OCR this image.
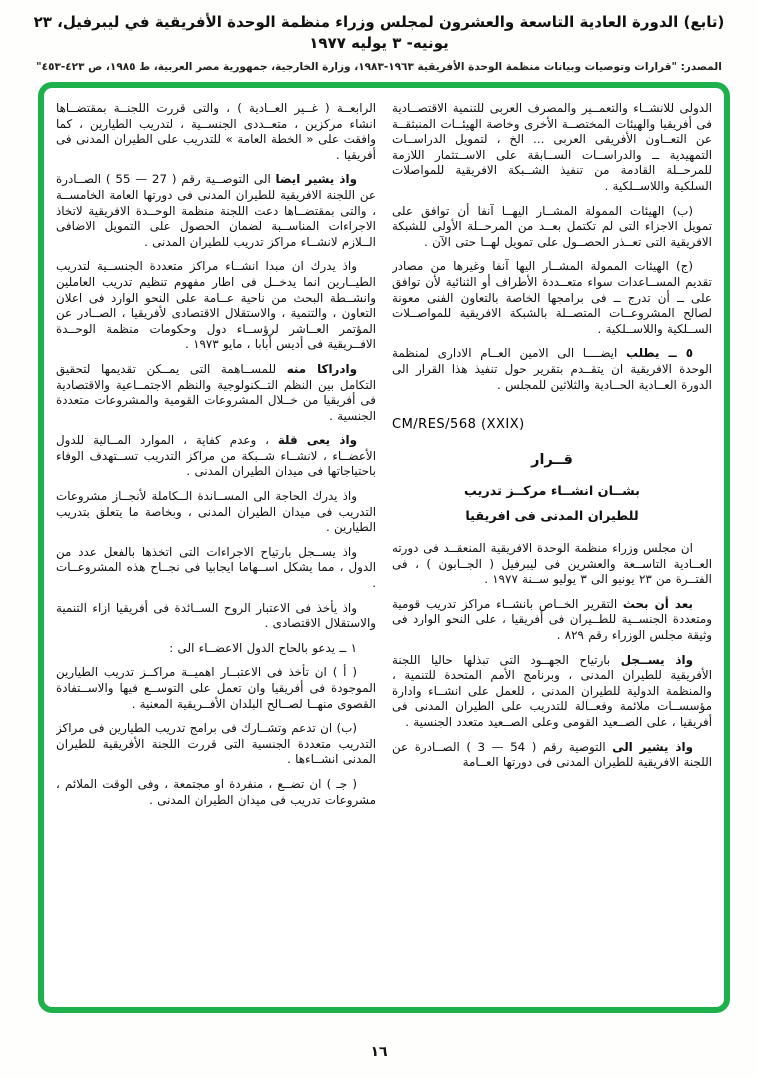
(تابع) الدورة العادية التاسعة والعشرون لمجلس وزراء منظمة الوحدة الأفريقية في ليبرفيل، ٢٣ يونيه- ٣ يوليه ١٩٧٧
المصدر: "قرارات وتوصيات وبيانات منظمة الوحدة الأفريقية ١٩٦٣-١٩٨٣، وزارة الخارجية، جمهورية مصر العربية، ط ١٩٨٥، ص ٤٢٣-٤٥٣"

الدولى للانشــاء والتعمــير والمصرف العربى للتنمية الاقتصــادية فى أفريقيا والهيئات المختصــة الأخرى وخاصة الهيئــات المنبثقــة عن التعــاون الأفريقى العربى ... الخ ، لتمويل الدراســات التمهيدية ــ والدراســات الســابقة على الاســتثمار اللازمة للمرحــلة القادمة من تنفيذ الشــبكة الافريقية للمواصلات السلكية واللاســلكية .

(ب) الهيئات الممولة المشــار اليهــا آنفا أن توافق على تمويل الاجزاء التى لم تكتمل بعــد من المرحــلة الأولى للشبكة الافريقية التى تعــذر الحصــول على تمويل لهــا حتى الآن .

(ج) الهيئات الممولة المشــار اليها آنفا وغيرها من مصادر تقديم المســاعدات سواء متعــددة الأطراف أو الثنائية لأن توافق على ــ أن تدرج ــ فى برامجها الخاصة بالتعاون الفنى معونة لصالح المشروعــات المتصــلة بالشبكة الافريقية للمواصــلات الســلكية واللاســلكية .

٥ ــ يطلب ايضــــا الى الامين العــام الادارى لمنظمة الوحدة الافريقية ان يتقــدم بتقرير حول تنفيذ هذا القرار الى الدورة العــادية الحــادية والثلاثين للمجلس .

CM/RES/568 (XXIX)

قــرار

بشــان انشــاء مركــز تدريب

للطيران المدنى فى افريقيا

ان مجلس وزراء منظمة الوحدة الافريقية المنعقــد فى دورته العــادية التاســعة والعشرين فى ليبرفيل ( الجــابون ) ، فى الفتــرة من ٢٣ يونيو الى ٣ يوليو ســنة ١٩٧٧ .

بعد أن بحث التقرير الخــاص بانشــاء مراكز تدريب قومية ومتعددة الجنســية للطــيران فى أفريقيا ، على النحو الوارد فى وثيقة مجلس الوزراء رقم ٨٢٩ .

واذ يســجل بارتياح الجهــود التى تبذلها حاليا اللجنة الأفريقية للطيران المدنى ، وبرنامج الأمم المتحدة للتنمية ، والمنظمة الدولية للطيران المدنى ، للعمل على انشــاء وادارة مؤسســات ملائمة وفعــالة للتدريب على الطيران المدنى فى أفريقيا ، على الصــعيد القومى وعلى الصــعيد متعدد الجنسية .

واذ يشير الى التوصية رقم ‪( 3 — 54 )‬ الصــادرة عن اللجنة الافريقية للطيران المدنى فى دورتها العــامة

الرابعــة ( غــير العــادية ) ، والتى قررت اللجنــة بمقتضــاها انشاء مركزين ، متعــددى الجنســية ، لتدريب الطيارين ، كما وافقت على « الخطة العامة » للتدريب على الطيران المدنى فى أفريقيا .

واذ يشير ايضا الى التوصــية رقم ‪( 55 — 27 )‬ الصــادرة عن اللجنة الافريقية للطيران المدنى فى دورتها العامة الخامســة ، والتى بمقتضــاها دعت اللجنة منظمة الوحــدة الافريقية لاتخاذ الاجراءات المناســبة لضمان الحصول على التمويل الاضافى الــلازم لانشــاء مراكز تدريب للطيران المدنى .

واذ يدرك ان مبدا انشــاء مراكز متعددة الجنســية لتدريب الطيــارين انما يدخــل فى اطار مفهوم تنظيم تدريب العاملين وانشــطة البحث من ناحية عــامة على النحو الوارد فى اعلان التعاون ، والتنمية ، والاستقلال الاقتصادى لأفريقيا ، الصــادر عن المؤتمر العــاشر لرؤســاء دول وحكومات منظمة الوحــدة الافــريقية فى أديس أبابا ، مايو ١٩٧٣ .

وادراكا منه للمســاهمة التى يمــكن تقديمها لتحقيق التكامل بين النظم التــكنولوجية والنظم الاجتمــاعية والاقتصادية فى أفريقيا من خــلال المشروعات القومية والمشروعات متعددة الجنسية .

واذ يعى قلة ، وعدم كفاية ، الموارد المــالية للدول الأعضــاء ، لانشــاء شــبكة من مراكز التدريب تســتهدف الوفاء باحتياجاتها فى ميدان الطيران المدنى .

واذ يدرك الحاجة الى المســاندة الــكاملة لأنجــاز مشروعات التدريب فى ميدان الطيران المدنى ، وبخاصة ما يتعلق بتدريب الطيارين .

واذ يســجل بارتياح الاجراءات التى اتخذها بالفعل عدد من الدول ، مما يشكل اســهاما ايجابيا فى نجــاح هذه المشروعــات .

واذ يأخذ فى الاعتبار الروح الســائدة فى أفريقيا ازاء التنمية والاستقلال الاقتصادى .

١ ــ يدعو بالحاح الدول الاعضــاء الى :

( أ ) ان تأخذ فى الاعتبــار اهميــة مراكــز تدريب الطيارين الموجودة فى أفريقيا وان تعمل على التوســع فيها والاســتفادة القصوى منهــا لصــالح البلدان الأفــريقية المعنية .

(ب) ان تدعم وتشــارك فى برامج تدريب الطيارين فى مراكز التدريب متعددة الجنسية التى قررت اللجنة الأفريقية للطيران المدنى انشــاءها .

( جـ ) ان تضــع ، منفردة او مجتمعة ، وفى الوقت الملائم ، مشروعات تدريب فى ميدان الطيران المدنى .

١٦
